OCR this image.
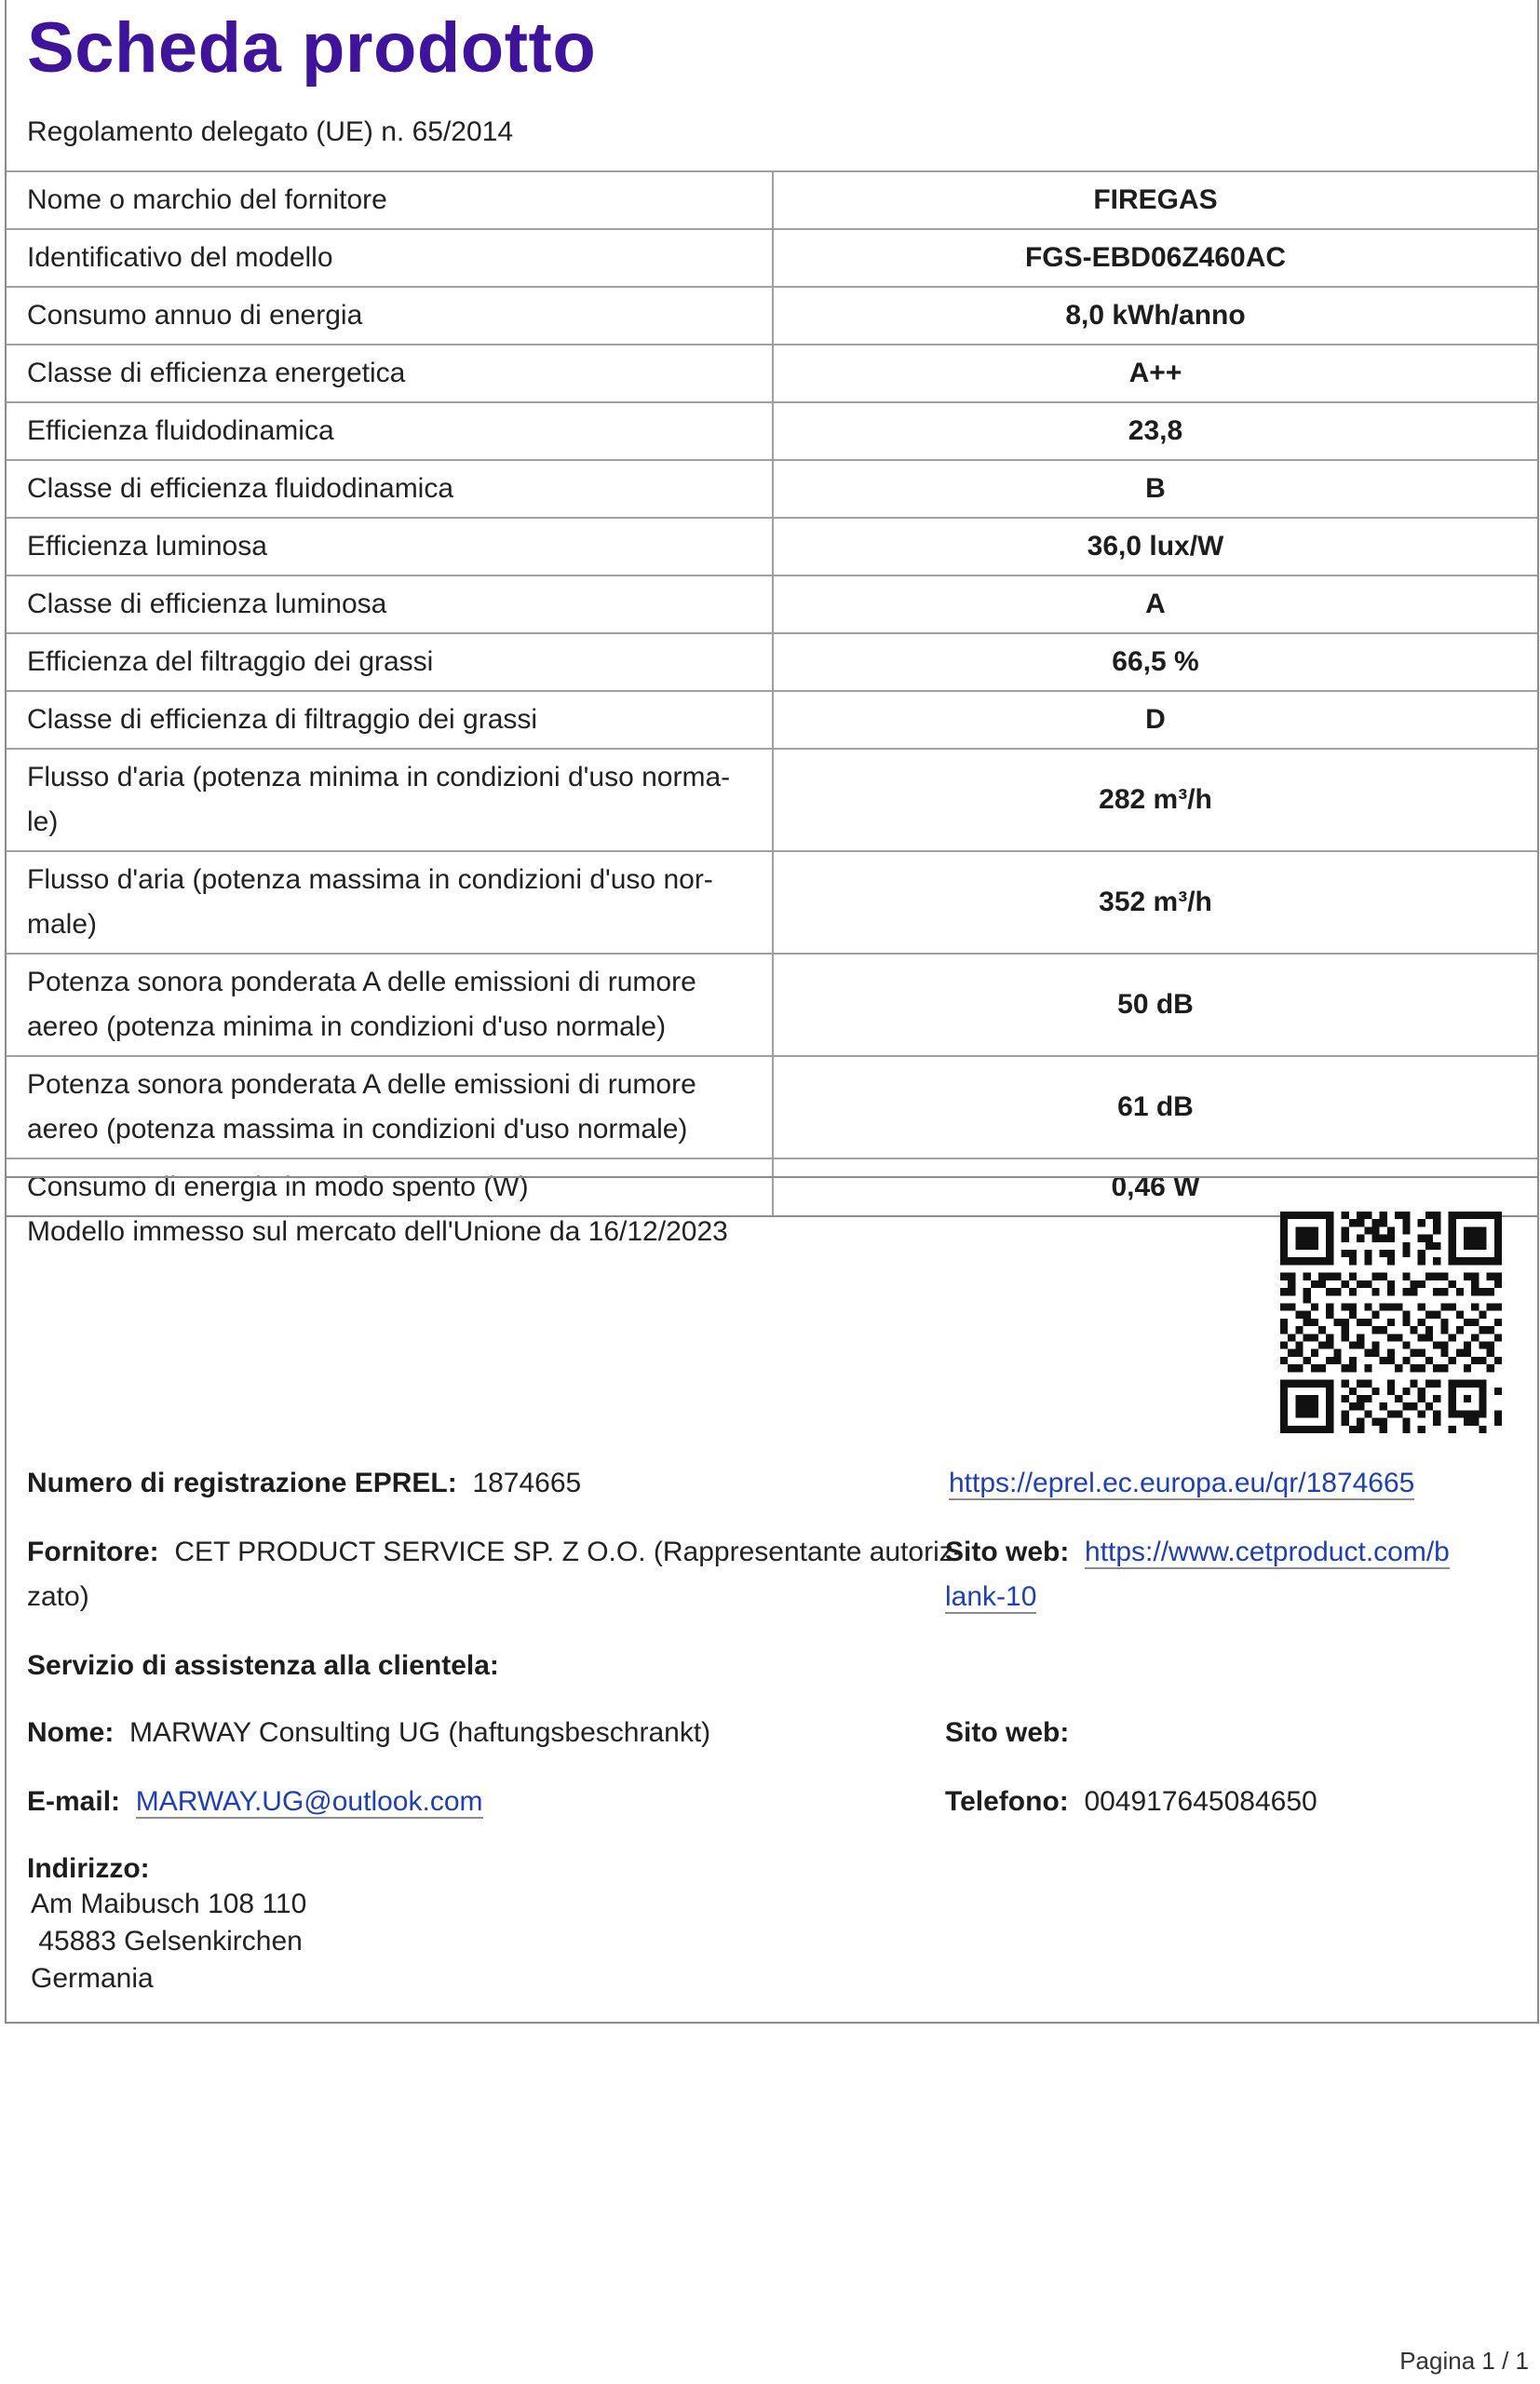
Scheda prodotto
Regolamento delegato (UE) n. 65/2014
Nome o marchio del fornitore	FIREGAS
Identificativo del modello	FGS-EBD06Z460AC
Consumo annuo di energia	8,0 kWh/anno
Classe di efficienza energetica	A++
Efficienza fluidodinamica	23,8
Classe di efficienza fluidodinamica	B
Efficienza luminosa	36,0 lux/W
Classe di efficienza luminosa	A
Efficienza del filtraggio dei grassi	66,5 %
Classe di efficienza di filtraggio dei grassi	D
Flusso d'aria (potenza minima in condizioni d'uso norma-
le)	282 m³/h
Flusso d'aria (potenza massima in condizioni d'uso nor-
male)	352 m³/h
Potenza sonora ponderata A delle emissioni di rumore
aereo (potenza minima in condizioni d'uso normale)	50 dB
Potenza sonora ponderata A delle emissioni di rumore
aereo (potenza massima in condizioni d'uso normale)	61 dB
Consumo di energia in modo spento (W)	0,46 W
Modello immesso sul mercato dell'Unione da 16/12/2023
Numero di registrazione EPREL: 1874665	https://eprel.ec.europa.eu/qr/1874665
Fornitore: CET PRODUCT SERVICE SP. Z O.O. (Rappresentante autoriz-
zato)
Sito web: https://www.cetproduct.com/b
lank-10
Servizio di assistenza alla clientela:
Nome: MARWAY Consulting UG (haftungsbeschrankt)	Sito web:
E-mail: MARWAY.UG@outlook.com	Telefono: 004917645084650
Indirizzo:
Am Maibusch 108 110
45883 Gelsenkirchen
Germania
Pagina 1 / 1
